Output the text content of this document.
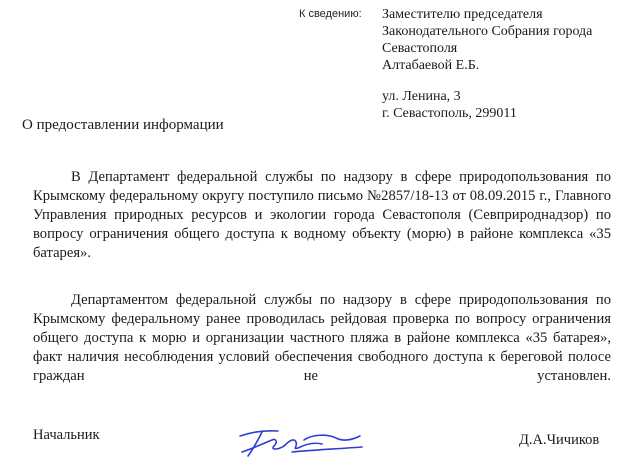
К сведению: Заместителю председателя
Законодательного Собрания города
Севастополя
Алтабаевой Е.Б.
ул. Ленина, 3
г. Севастополь, 299011
О предоставлении информации

В Департамент федеральной службы по надзору в сфере природопользования по Крымскому федеральному округу поступило письмо №2857/18-13 от 08.09.2015 г., Главного Управления природных ресурсов и экологии города Севастополя (Севприроднадзор) по вопросу ограничения общего доступа к водному объекту (морю) в районе комплекса «35 батарея».

Департаментом федеральной службы по надзору в сфере природопользования по Крымскому федеральному ранее проводилась рейдовая проверка по вопросу ограничения общего доступа к морю и организации частного пляжа в районе комплекса «35 батарея», факт наличия несоблюдения условий обеспечения свободного доступа к береговой полосе граждан не установлен.

Начальник	Д.А.Чичиков
